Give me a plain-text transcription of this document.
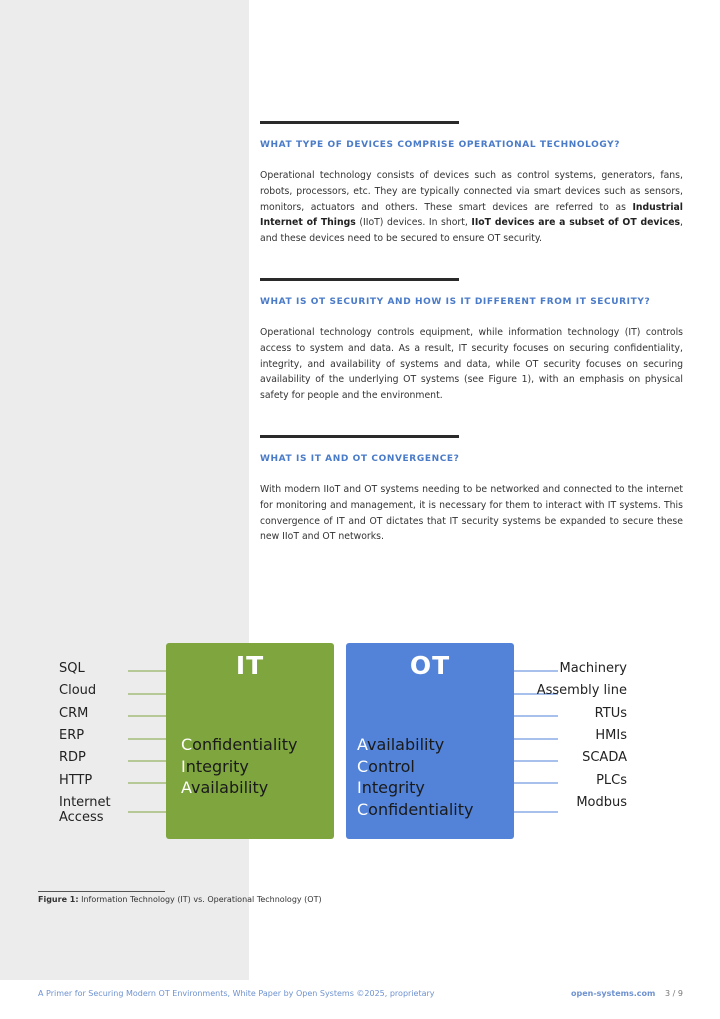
WHAT TYPE OF DEVICES COMPRISE OPERATIONAL TECHNOLOGY?

Operational technology consists of devices such as control systems, generators, fans, robots, processors, etc. They are typically connected via smart devices such as sensors, monitors, actuators and others. These smart devices are referred to as Industrial Internet of Things (IIoT) devices. In short, IIoT devices are a subset of OT devices, and these devices need to be secured to ensure OT security.

WHAT IS OT SECURITY AND HOW IS IT DIFFERENT FROM IT SECURITY?

Operational technology controls equipment, while information technology (IT) controls access to system and data. As a result, IT security focuses on securing confidentiality, integrity, and availability of systems and data, while OT security focuses on securing availability of the underlying OT systems (see Figure 1), with an emphasis on physical safety for people and the environment.

WHAT IS IT AND OT CONVERGENCE?

With modern IIoT and OT systems needing to be networked and connected to the internet for monitoring and management, it is necessary for them to interact with IT systems. This convergence of IT and OT dictates that IT security systems be expanded to secure these new IIoT and OT networks.

IT
Confidentiality
Integrity
Availability
OT
Availability
Control
Integrity
Confidentiality
SQL
Cloud
CRM
ERP
RDP
HTTP
Internet
Access
Machinery
Assembly line
RTUs
HMIs
SCADA
PLCs
Modbus
Figure 1: Information Technology (IT) vs. Operational Technology (OT)
A Primer for Securing Modern OT Environments, White Paper by Open Systems ©2025, proprietary	open-systems.com 3 / 9
